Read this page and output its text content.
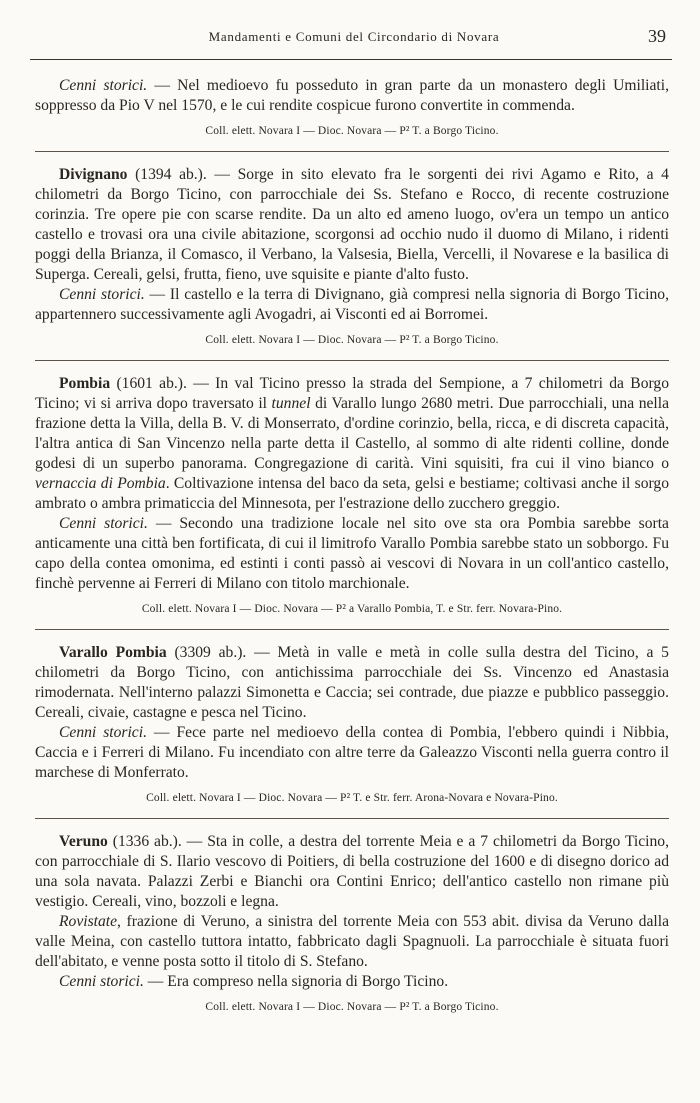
Mandamenti e Comuni del Circondario di Novara	39

Cenni storici. — Nel medioevo fu posseduto in gran parte da un monastero degli Umiliati, soppresso da Pio V nel 1570, e le cui rendite cospicue furono convertite in commenda.

Coll. elett. Novara I — Dioc. Novara — P² T. a Borgo Ticino.

Divignano (1394 ab.). — Sorge in sito elevato fra le sorgenti dei rivi Agamo e Rito, a 4 chilometri da Borgo Ticino, con parrocchiale dei Ss. Stefano e Rocco, di recente costruzione corinzia. Tre opere pie con scarse rendite. Da un alto ed ameno luogo, ov'era un tempo un antico castello e trovasi ora una civile abitazione, scorgonsi ad occhio nudo il duomo di Milano, i ridenti poggi della Brianza, il Comasco, il Verbano, la Valsesia, Biella, Vercelli, il Novarese e la basilica di Superga. Cereali, gelsi, frutta, fieno, uve squisite e piante d'alto fusto.

Cenni storici. — Il castello e la terra di Divignano, già compresi nella signoria di Borgo Ticino, appartennero successivamente agli Avogadri, ai Visconti ed ai Borromei.

Coll. elett. Novara I — Dioc. Novara — P² T. a Borgo Ticino.

Pombia (1601 ab.). — In val Ticino presso la strada del Sempione, a 7 chilometri da Borgo Ticino; vi si arriva dopo traversato il tunnel di Varallo lungo 2680 metri. Due parrocchiali, una nella frazione detta la Villa, della B. V. di Monserrato, d'ordine corinzio, bella, ricca, e di discreta capacità, l'altra antica di San Vincenzo nella parte detta il Castello, al sommo di alte ridenti colline, donde godesi di un superbo panorama. Congregazione di carità. Vini squisiti, fra cui il vino bianco o vernaccia di Pombia. Coltivazione intensa del baco da seta, gelsi e bestiame; coltivasi anche il sorgo ambrato o ambra primaticcia del Minnesota, per l'estrazione dello zucchero greggio.

Cenni storici. — Secondo una tradizione locale nel sito ove sta ora Pombia sarebbe sorta anticamente una città ben fortificata, di cui il limitrofo Varallo Pombia sarebbe stato un sobborgo. Fu capo della contea omonima, ed estinti i conti passò ai vescovi di Novara in un coll'antico castello, finchè pervenne ai Ferreri di Milano con titolo marchionale.

Coll. elett. Novara I — Dioc. Novara — P² a Varallo Pombia, T. e Str. ferr. Novara-Pino.

Varallo Pombia (3309 ab.). — Metà in valle e metà in colle sulla destra del Ticino, a 5 chilometri da Borgo Ticino, con antichissima parrocchiale dei Ss. Vincenzo ed Anastasia rimodernata. Nell'interno palazzi Simonetta e Caccia; sei contrade, due piazze e pubblico passeggio. Cereali, civaie, castagne e pesca nel Ticino.

Cenni storici. — Fece parte nel medioevo della contea di Pombia, l'ebbero quindi i Nibbia, Caccia e i Ferreri di Milano. Fu incendiato con altre terre da Galeazzo Visconti nella guerra contro il marchese di Monferrato.

Coll. elett. Novara I — Dioc. Novara — P² T. e Str. ferr. Arona-Novara e Novara-Pino.

Veruno (1336 ab.). — Sta in colle, a destra del torrente Meia e a 7 chilometri da Borgo Ticino, con parrocchiale di S. Ilario vescovo di Poitiers, di bella costruzione del 1600 e di disegno dorico ad una sola navata. Palazzi Zerbi e Bianchi ora Contini Enrico; dell'antico castello non rimane più vestigio. Cereali, vino, bozzoli e legna.

Rovistate, frazione di Veruno, a sinistra del torrente Meia con 553 abit. divisa da Veruno dalla valle Meina, con castello tuttora intatto, fabbricato dagli Spagnuoli. La parrocchiale è situata fuori dell'abitato, e venne posta sotto il titolo di S. Stefano.

Cenni storici. — Era compreso nella signoria di Borgo Ticino.

Coll. elett. Novara I — Dioc. Novara — P² T. a Borgo Ticino.
